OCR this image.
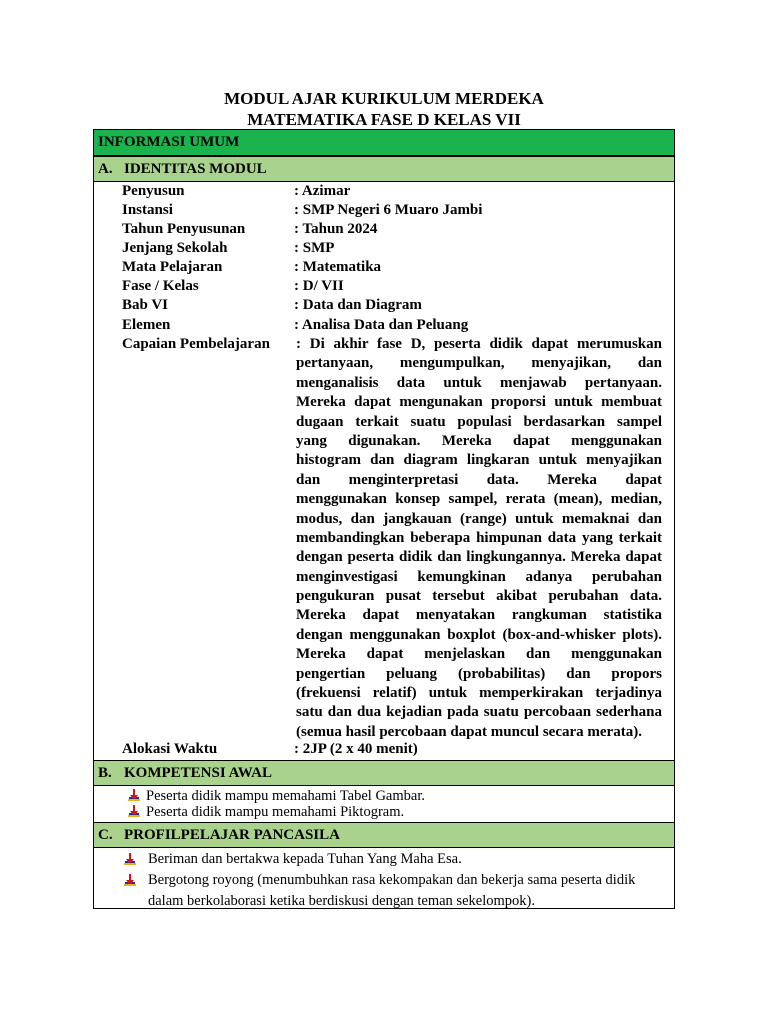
MODUL AJAR KURIKULUM MERDEKA
MATEMATIKA FASE D KELAS VII
INFORMASI UMUM
A. IDENTITAS MODUL
Penyusun	: Azimar
Instansi	: SMP Negeri 6 Muaro Jambi
Tahun Penyusunan	: Tahun 2024
Jenjang Sekolah	: SMP
Mata Pelajaran	: Matematika
Fase / Kelas	: D/ VII
Bab VI	: Data dan Diagram
Elemen	: Analisa Data dan Peluang
Capaian Pembelajaran	: Di akhir fase D, peserta didik dapat merumuskan
pertanyaan, mengumpulkan, menyajikan, dan
menganalisis data untuk menjawab pertanyaan.
Mereka dapat mengunakan proporsi untuk membuat
dugaan terkait suatu populasi berdasarkan sampel
yang digunakan. Mereka dapat menggunakan
histogram dan diagram lingkaran untuk menyajikan
dan menginterpretasi data. Mereka dapat
menggunakan konsep sampel, rerata (mean), median,
modus, dan jangkauan (range) untuk memaknai dan
membandingkan beberapa himpunan data yang terkait
dengan peserta didik dan lingkungannya. Mereka dapat
menginvestigasi kemungkinan adanya perubahan
pengukuran pusat tersebut akibat perubahan data.
Mereka dapat menyatakan rangkuman statistika
dengan menggunakan boxplot (box-and-whisker plots).
Mereka dapat menjelaskan dan menggunakan
pengertian peluang (probabilitas) dan propors
(frekuensi relatif) untuk memperkirakan terjadinya
satu dan dua kejadian pada suatu percobaan sederhana
(semua hasil percobaan dapat muncul secara merata).
Alokasi Waktu	: 2JP (2 x 40 menit)
B. KOMPETENSI AWAL
Peserta didik mampu memahami Tabel Gambar.
Peserta didik mampu memahami Piktogram.
C. PROFILPELAJAR PANCASILA
Beriman dan bertakwa kepada Tuhan Yang Maha Esa.
Bergotong royong (menumbuhkan rasa kekompakan dan bekerja sama peserta didik dalam berkolaborasi ketika berdiskusi dengan teman sekelompok).
